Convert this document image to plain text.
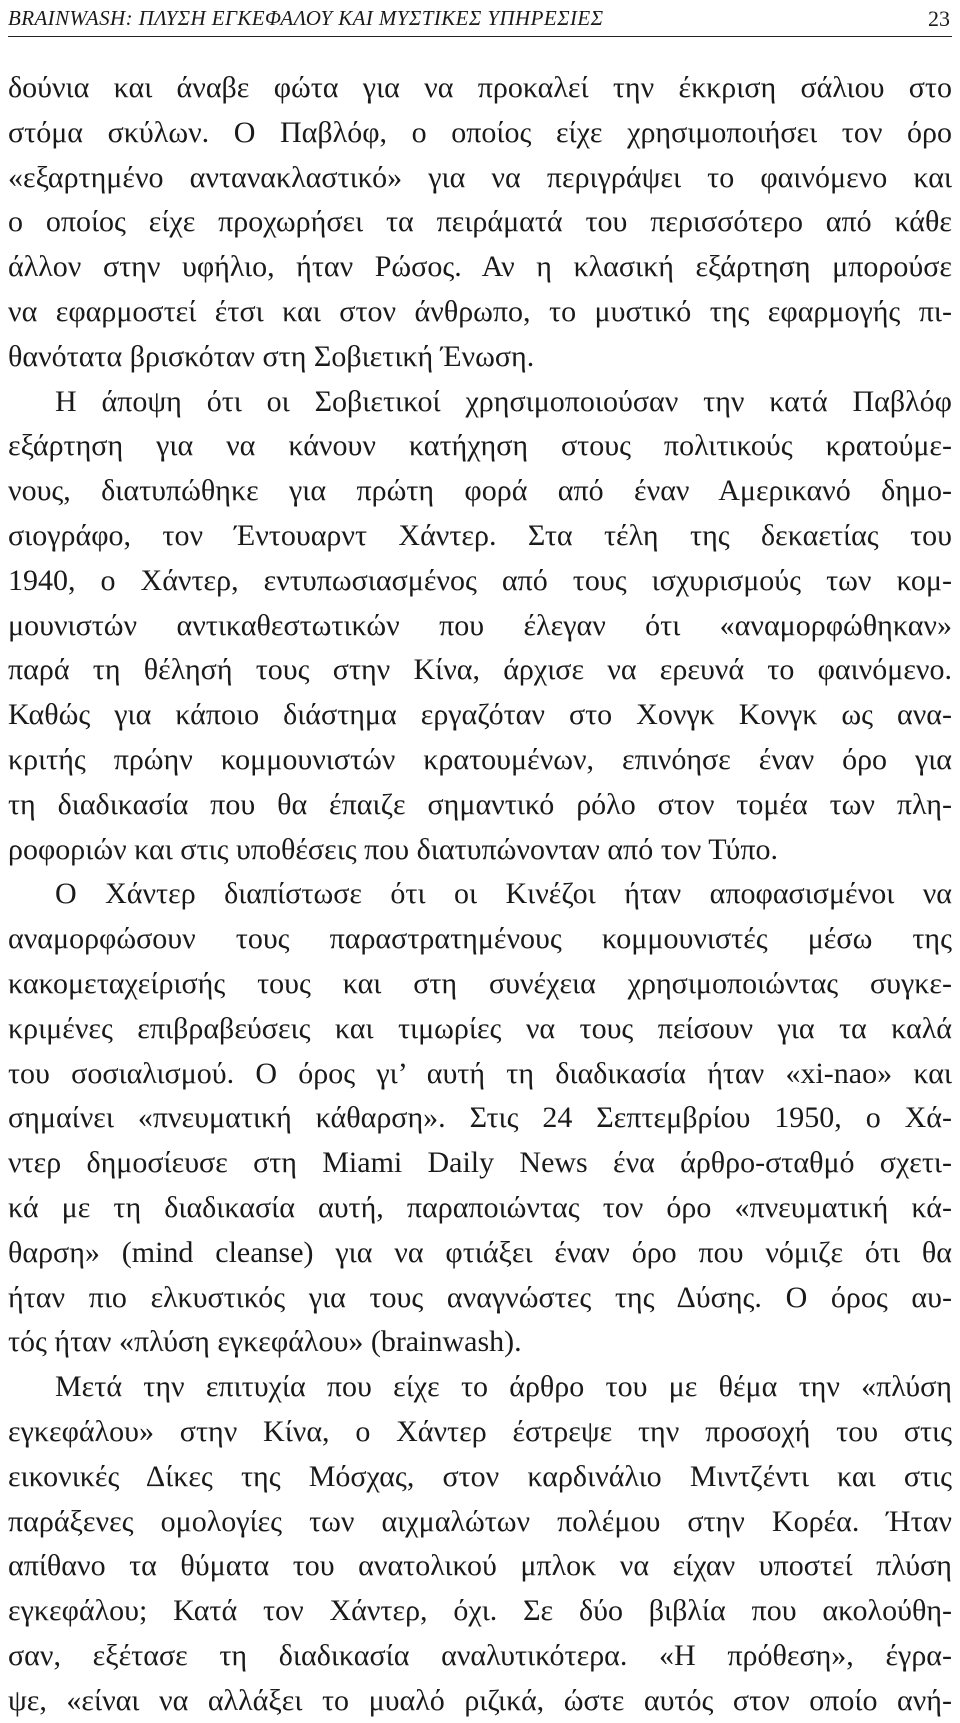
BRAINWASH: ΠΛΥΣΗ ΕΓΚΕΦΑΛΟΥ ΚΑΙ ΜΥΣΤΙΚΕΣ ΥΠΗΡΕΣΙΕΣ	23
δούνια και άναβε φώτα για να προκαλεί την έκκριση σάλιου στο
στόμα σκύλων. Ο Παβλόφ, ο οποίος είχε χρησιμοποιήσει τον όρο
«εξαρτημένο αντανακλαστικό» για να περιγράψει το φαινόμενο και
ο οποίος είχε προχωρήσει τα πειράματά του περισσότερο από κάθε
άλλον στην υφήλιο, ήταν Ρώσος. Αν η κλασική εξάρτηση μπορούσε
να εφαρμοστεί έτσι και στον άνθρωπο, το μυστικό της εφαρμογής πι-
θανότατα βρισκόταν στη Σοβιετική Ένωση.
Η άποψη ότι οι Σοβιετικοί χρησιμοποιούσαν την κατά Παβλόφ
εξάρτηση για να κάνουν κατήχηση στους πολιτικούς κρατούμε-
νους, διατυπώθηκε για πρώτη φορά από έναν Αμερικανό δημο-
σιογράφο, τον Έντουαρντ Χάντερ. Στα τέλη της δεκαετίας του
1940, ο Χάντερ, εντυπωσιασμένος από τους ισχυρισμούς των κομ-
μουνιστών αντικαθεστωτικών που έλεγαν ότι «αναμορφώθηκαν»
παρά τη θέλησή τους στην Κίνα, άρχισε να ερευνά το φαινόμενο.
Καθώς για κάποιο διάστημα εργαζόταν στο Χονγκ Κονγκ ως ανα-
κριτής πρώην κομμουνιστών κρατουμένων, επινόησε έναν όρο για
τη διαδικασία που θα έπαιζε σημαντικό ρόλο στον τομέα των πλη-
ροφοριών και στις υποθέσεις που διατυπώνονταν από τον Τύπο.
Ο Χάντερ διαπίστωσε ότι οι Κινέζοι ήταν αποφασισμένοι να
αναμορφώσουν τους παραστρατημένους κομμουνιστές μέσω της
κακομεταχείρισής τους και στη συνέχεια χρησιμοποιώντας συγκε-
κριμένες επιβραβεύσεις και τιμωρίες να τους πείσουν για τα καλά
του σοσιαλισμού. Ο όρος γι’ αυτή τη διαδικασία ήταν «xi-nao» και
σημαίνει «πνευματική κάθαρση». Στις 24 Σεπτεμβρίου 1950, ο Χά-
ντερ δημοσίευσε στη Miami Daily News ένα άρθρο-σταθμό σχετι-
κά με τη διαδικασία αυτή, παραποιώντας τον όρο «πνευματική κά-
θαρση» (mind cleanse) για να φτιάξει έναν όρο που νόμιζε ότι θα
ήταν πιο ελκυστικός για τους αναγνώστες της Δύσης. Ο όρος αυ-
τός ήταν «πλύση εγκεφάλου» (brainwash).
Μετά την επιτυχία που είχε το άρθρο του με θέμα την «πλύση
εγκεφάλου» στην Κίνα, ο Χάντερ έστρεψε την προσοχή του στις
εικονικές Δίκες της Μόσχας, στον καρδινάλιο Μιντζέντι και στις
παράξενες ομολογίες των αιχμαλώτων πολέμου στην Κορέα. Ήταν
απίθανο τα θύματα του ανατολικού μπλοκ να είχαν υποστεί πλύση
εγκεφάλου; Κατά τον Χάντερ, όχι. Σε δύο βιβλία που ακολούθη-
σαν, εξέτασε τη διαδικασία αναλυτικότερα. «Η πρόθεση», έγρα-
ψε, «είναι να αλλάξει το μυαλό ριζικά, ώστε αυτός στον οποίο ανή-
